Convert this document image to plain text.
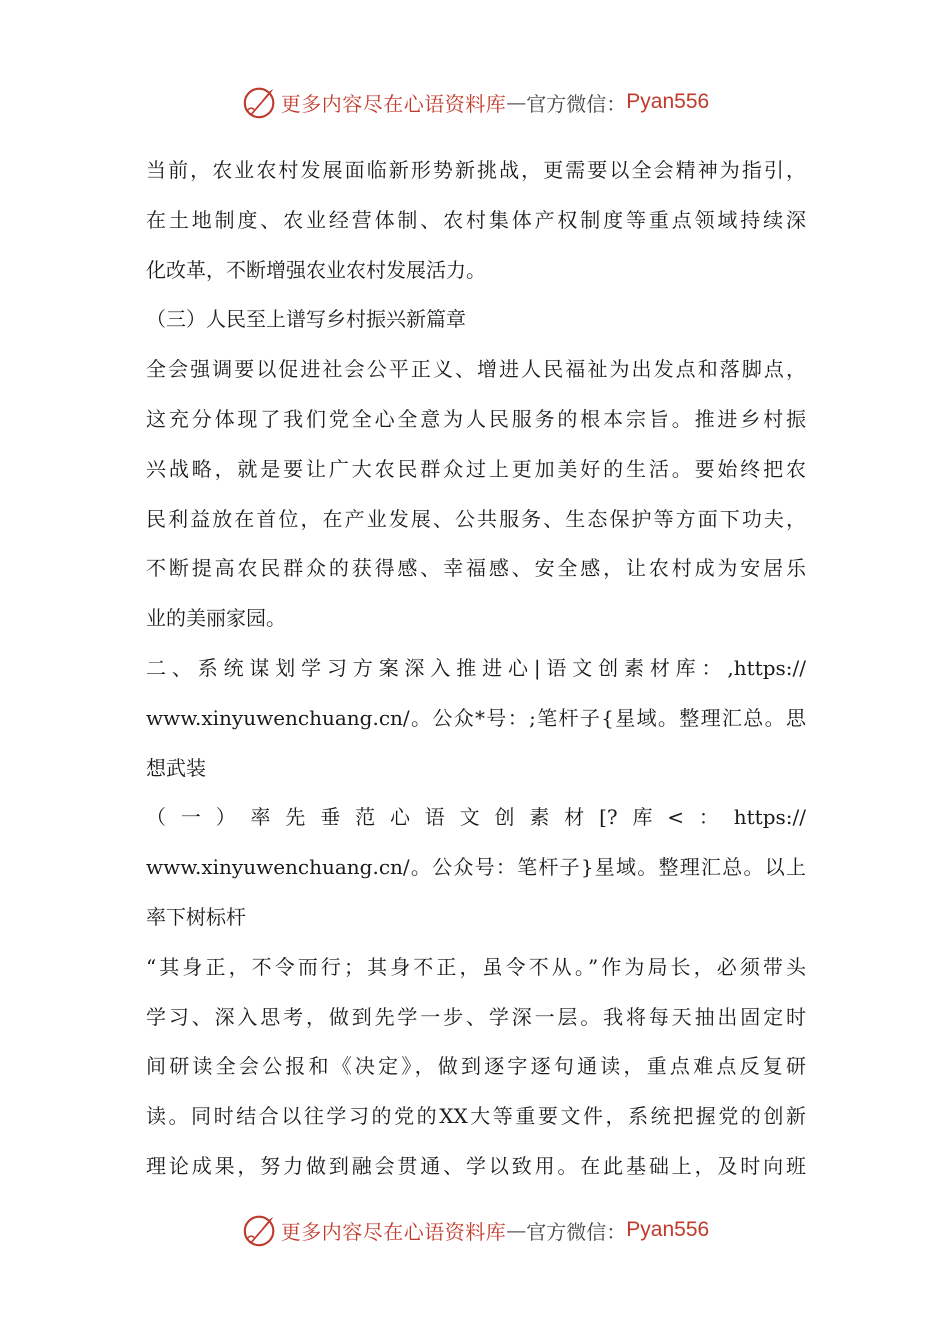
更多内容尽在心语资料库 — 官方微信： Pyan556
当前，农业农村发展面临新形势新挑战，更需要以全会精神为指引，
在土地制度、农业经营体制、农村集体产权制度等重点领域持续深
化改革，不断增强农业农村发展活力。
（三）人民至上谱写乡村振兴新篇章
全会强调要以促进社会公平正义、增进人民福祉为出发点和落脚点，
这充分体现了我们党全心全意为人民服务的根本宗旨。推进乡村振
兴战略，就是要让广大农民群众过上更加美好的生活。要始终把农
民利益放在首位，在产业发展、公共服务、生态保护等方面下功夫，
不断提高农民群众的获得感、幸福感、安全感，让农村成为安居乐
业的美丽家园。
二、系统谋划学习方案深入推进心|语文创素材库：,https://
www.xinyuwenchuang.cn/。公众*号：;笔杆子{星域。整理汇总。思
想武装
（一）率先垂范心语文创素材[?库<：https://
www.xinyuwenchuang.cn/。公众号：笔杆子}星域。整理汇总。以上
率下树标杆
“其身正，不令而行；其身不正，虽令不从。”作为局长，必须带头
学习、深入思考，做到先学一步、学深一层。我将每天抽出固定时
间研读全会公报和《决定》，做到逐字逐句通读，重点难点反复研
读。同时结合以往学习的党的XX大等重要文件，系统把握党的创新
理论成果，努力做到融会贯通、学以致用。在此基础上，及时向班
更多内容尽在心语资料库 — 官方微信： Pyan556
